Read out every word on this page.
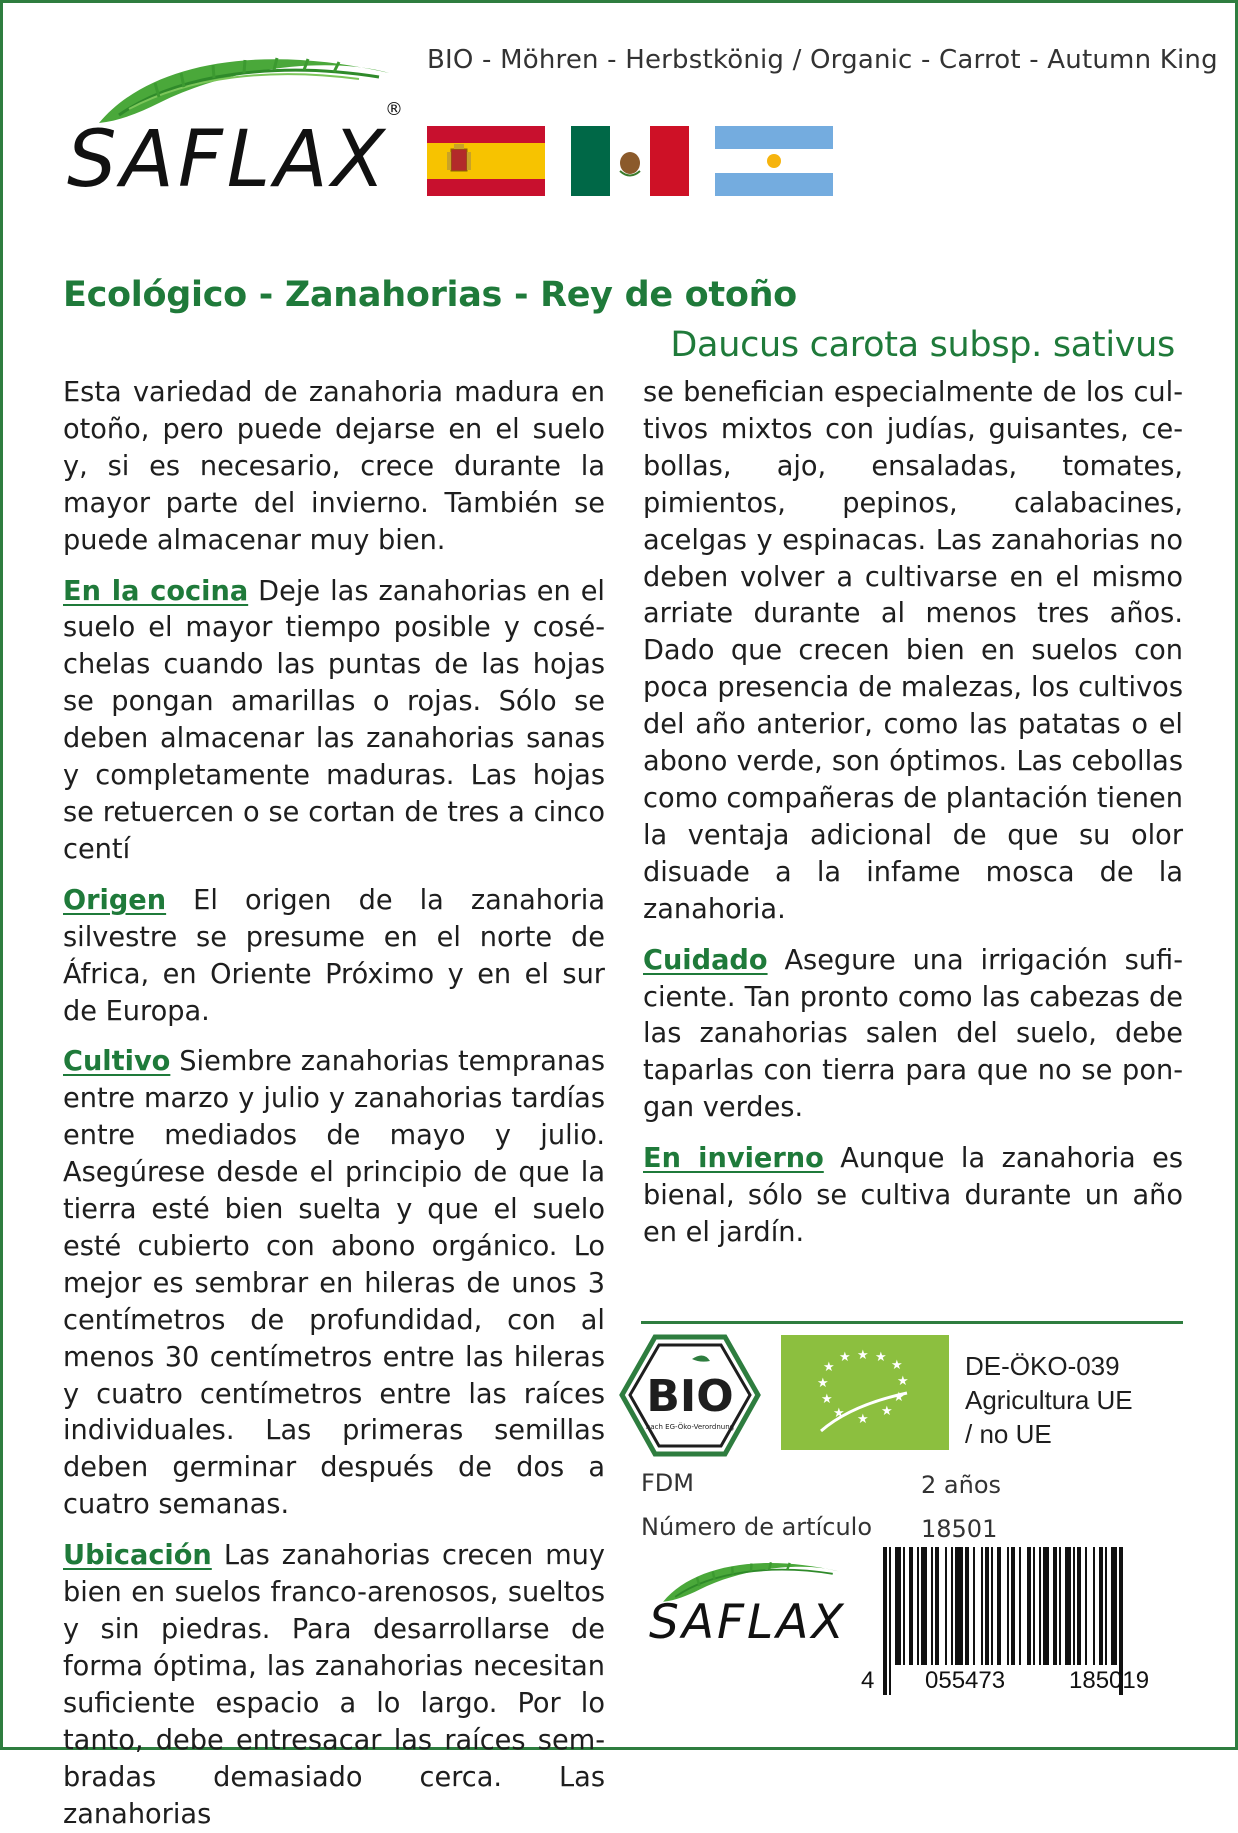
SAFLAX
®
BIO - Möhren - Herbstkönig / Organic - Carrot - Autumn King
Ecológico - Zanahorias - Rey de otoño
Daucus carota subsp. sativus

Esta variedad de zanahoria madura en otoño, pero puede dejarse en el suelo y, si es necesario, crece durante la mayor parte del invierno. También se puede almacenar muy bien.

En la cocina Deje las zanahorias en el suelo el mayor tiempo posible y coséchelas cuando las puntas de las hojas se pongan amarillas o rojas. Sólo se deben almacenar las zanahorias sanas y completamente maduras. Las hojas se retuercen o se cortan de tres a cinco centí

Origen El origen de la zanahoria silvestre se presume en el norte de África, en Oriente Próximo y en el sur de Europa.

Cultivo Siembre zanahorias tempranas entre marzo y julio y zanahorias tardías entre mediados de mayo y julio. Asegúrese desde el principio de que la tierra esté bien suelta y que el suelo esté cubierto con abono orgánico. Lo mejor es sembrar en hileras de unos 3 centímetros de profundidad, con al menos 30 centímetros entre las hileras y cuatro centímetros entre las raíces individuales. Las primeras semillas deben germinar después de dos a cuatro semanas.

Ubicación Las zanahorias crecen muy bien en suelos franco-arenosos, sueltos y sin piedras. Para desarrollarse de forma óptima, las zanahorias necesitan suficiente espacio a lo largo. Por lo tanto, debe entresacar las raíces sembradas demasiado cerca. Las zanahorias

se benefician especialmente de los cultivos mixtos con judías, guisantes, cebollas, ajo, ensaladas, tomates, pimientos, pepinos, calabacines, acelgas y espinacas. Las zanahorias no deben volver a cultivarse en el mismo arriate durante al menos tres años. Dado que crecen bien en suelos con poca presencia de malezas, los cultivos del año anterior, como las patatas o el abono verde, son óptimos. Las cebollas como compañeras de plantación tienen la ventaja adicional de que su olor disuade a la infame mosca de la zanahoria.

Cuidado Asegure una irrigación suficiente. Tan pronto como las cabezas de las zanahorias salen del suelo, debe taparlas con tierra para que no se pongan verdes.

En invierno Aunque la zanahoria es bienal, sólo se cultiva durante un año en el jardín.

BIO
nach EG-Öko-Verordnung
★ ★ ★
★
★
★	★
★	★
★	★
★
DE-ÖKO-039
Agricultura UE
/ no UE
FDM	2 años
Número de artículo 18501
SAFLAX
4 055473	185019
